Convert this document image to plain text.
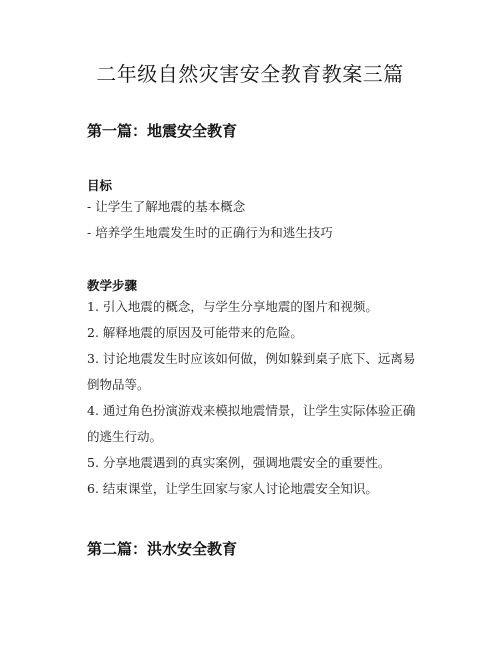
二年级自然灾害安全教育教案三篇
第一篇：地震安全教育
目标
- 让学生了解地震的基本概念
- 培养学生地震发生时的正确行为和逃生技巧
教学步骤
1. 引入地震的概念，与学生分享地震的图片和视频。
2. 解释地震的原因及可能带来的危险。
3. 讨论地震发生时应该如何做，例如躲到桌子底下、远离易倒物品等。
4. 通过角色扮演游戏来模拟地震情景，让学生实际体验正确的逃生行动。
5. 分享地震遇到的真实案例，强调地震安全的重要性。
6. 结束课堂，让学生回家与家人讨论地震安全知识。
第二篇：洪水安全教育
